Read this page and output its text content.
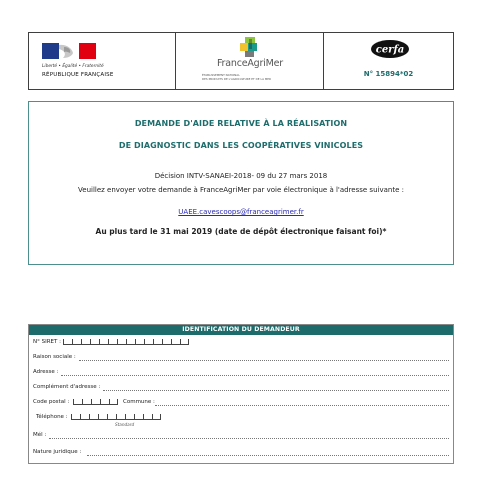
Liberté • Égalité • Fraternité
RÉPUBLIQUE FRANÇAISE
FranceAgriMer
ÉTABLISSEMENT NATIONAL
DES PRODUITS DE L'AGRICULTURE ET DE LA MER
cerfa
N° 15894*02
DEMANDE D'AIDE RELATIVE À LA RÉALISATION
DE DIAGNOSTIC DANS LES COOPÉRATIVES VINICOLES
Décision INTV-SANAEI-2018- 09 du 27 mars 2018
Veuillez envoyer votre demande à FranceAgriMer par voie électronique à l'adresse suivante :
UAEE.cavescoops@franceagrimer.fr
Au plus tard le 31 mai 2019 (date de dépôt électronique faisant foi)*
IDENTIFICATION DU DEMANDEUR
N° SIRET :
Raison sociale :
Adresse :
Complément d'adresse :
Code postal :	Commune :
Téléphone :
Standard
Mél :
Nature juridique :
